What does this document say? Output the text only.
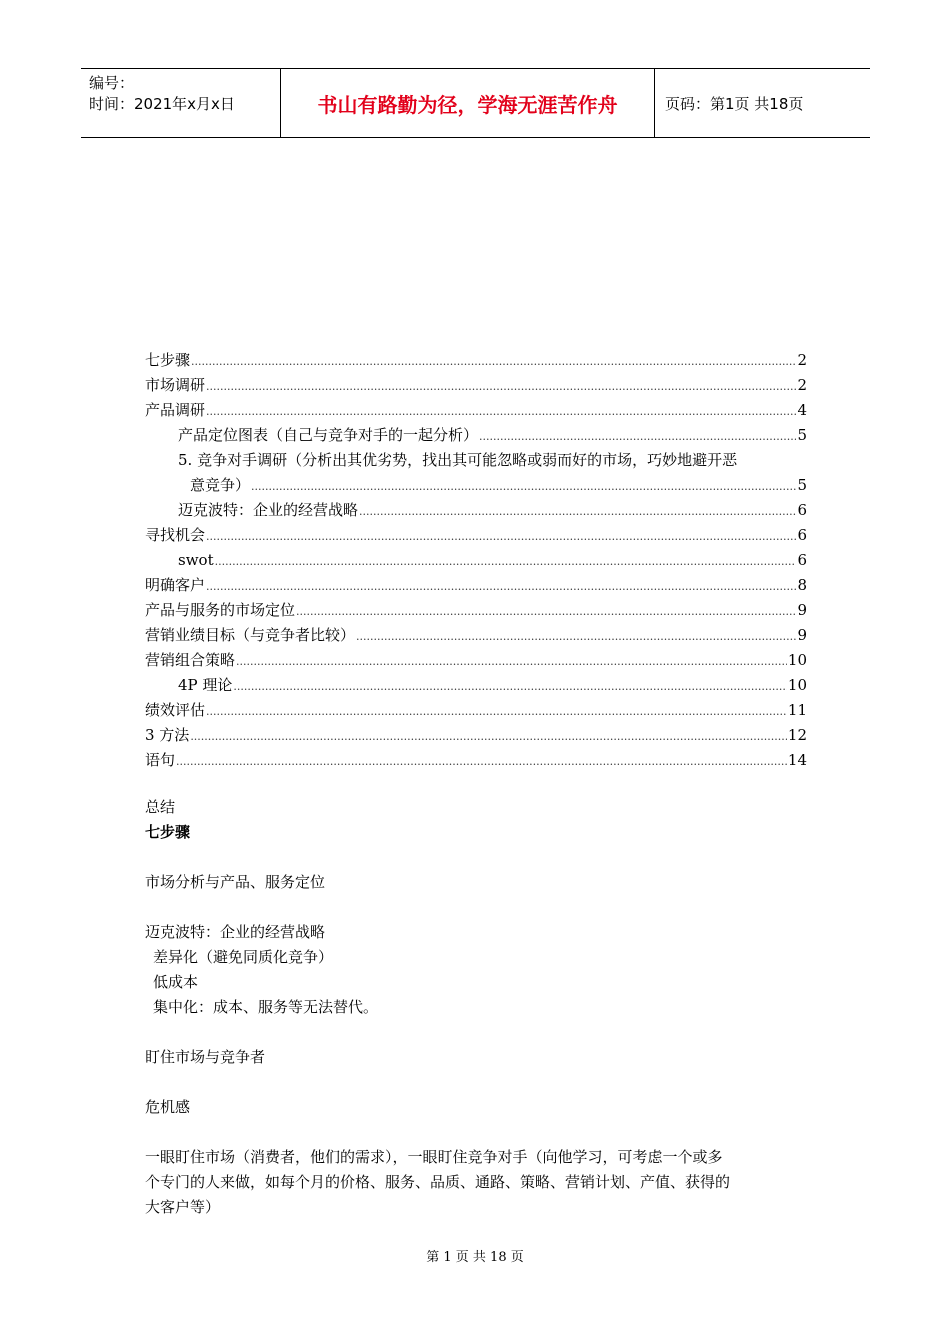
编号：
时间：2021年x月x日	书山有路勤为径，学海无涯苦作舟	页码：第1页 共18页
七步骤 .....	2
市场调研 .....	2
产品调研 .....	4
产品定位图表（自己与竞争对手的一起分析） .....	5
5. 竞争对手调研（分析出其优劣势，找出其可能忽略或弱而好的市场，巧妙地避开恶
意竞争） .....	5
迈克波特：企业的经营战略 .....	6
寻找机会 .....	6
swot .....	6
明确客户 .....	8
产品与服务的市场定位 .....	9
营销业绩目标（与竞争者比较） .....	9
营销组合策略 .....	10
4P 理论 .....	10
绩效评估 .....	11
3 方法 .....	12
语句 .....	14
总结
七步骤
市场分析与产品、服务定位
迈克波特：企业的经营战略
差异化（避免同质化竞争）
低成本
集中化：成本、服务等无法替代。
盯住市场与竞争者
危机感
一眼盯住市场（消费者，他们的需求），一眼盯住竞争对手（向他学习，可考虑一个或多
个专门的人来做，如每个月的价格、服务、品质、通路、策略、营销计划、产值、获得的
大客户等）
第 1 页 共 18 页
